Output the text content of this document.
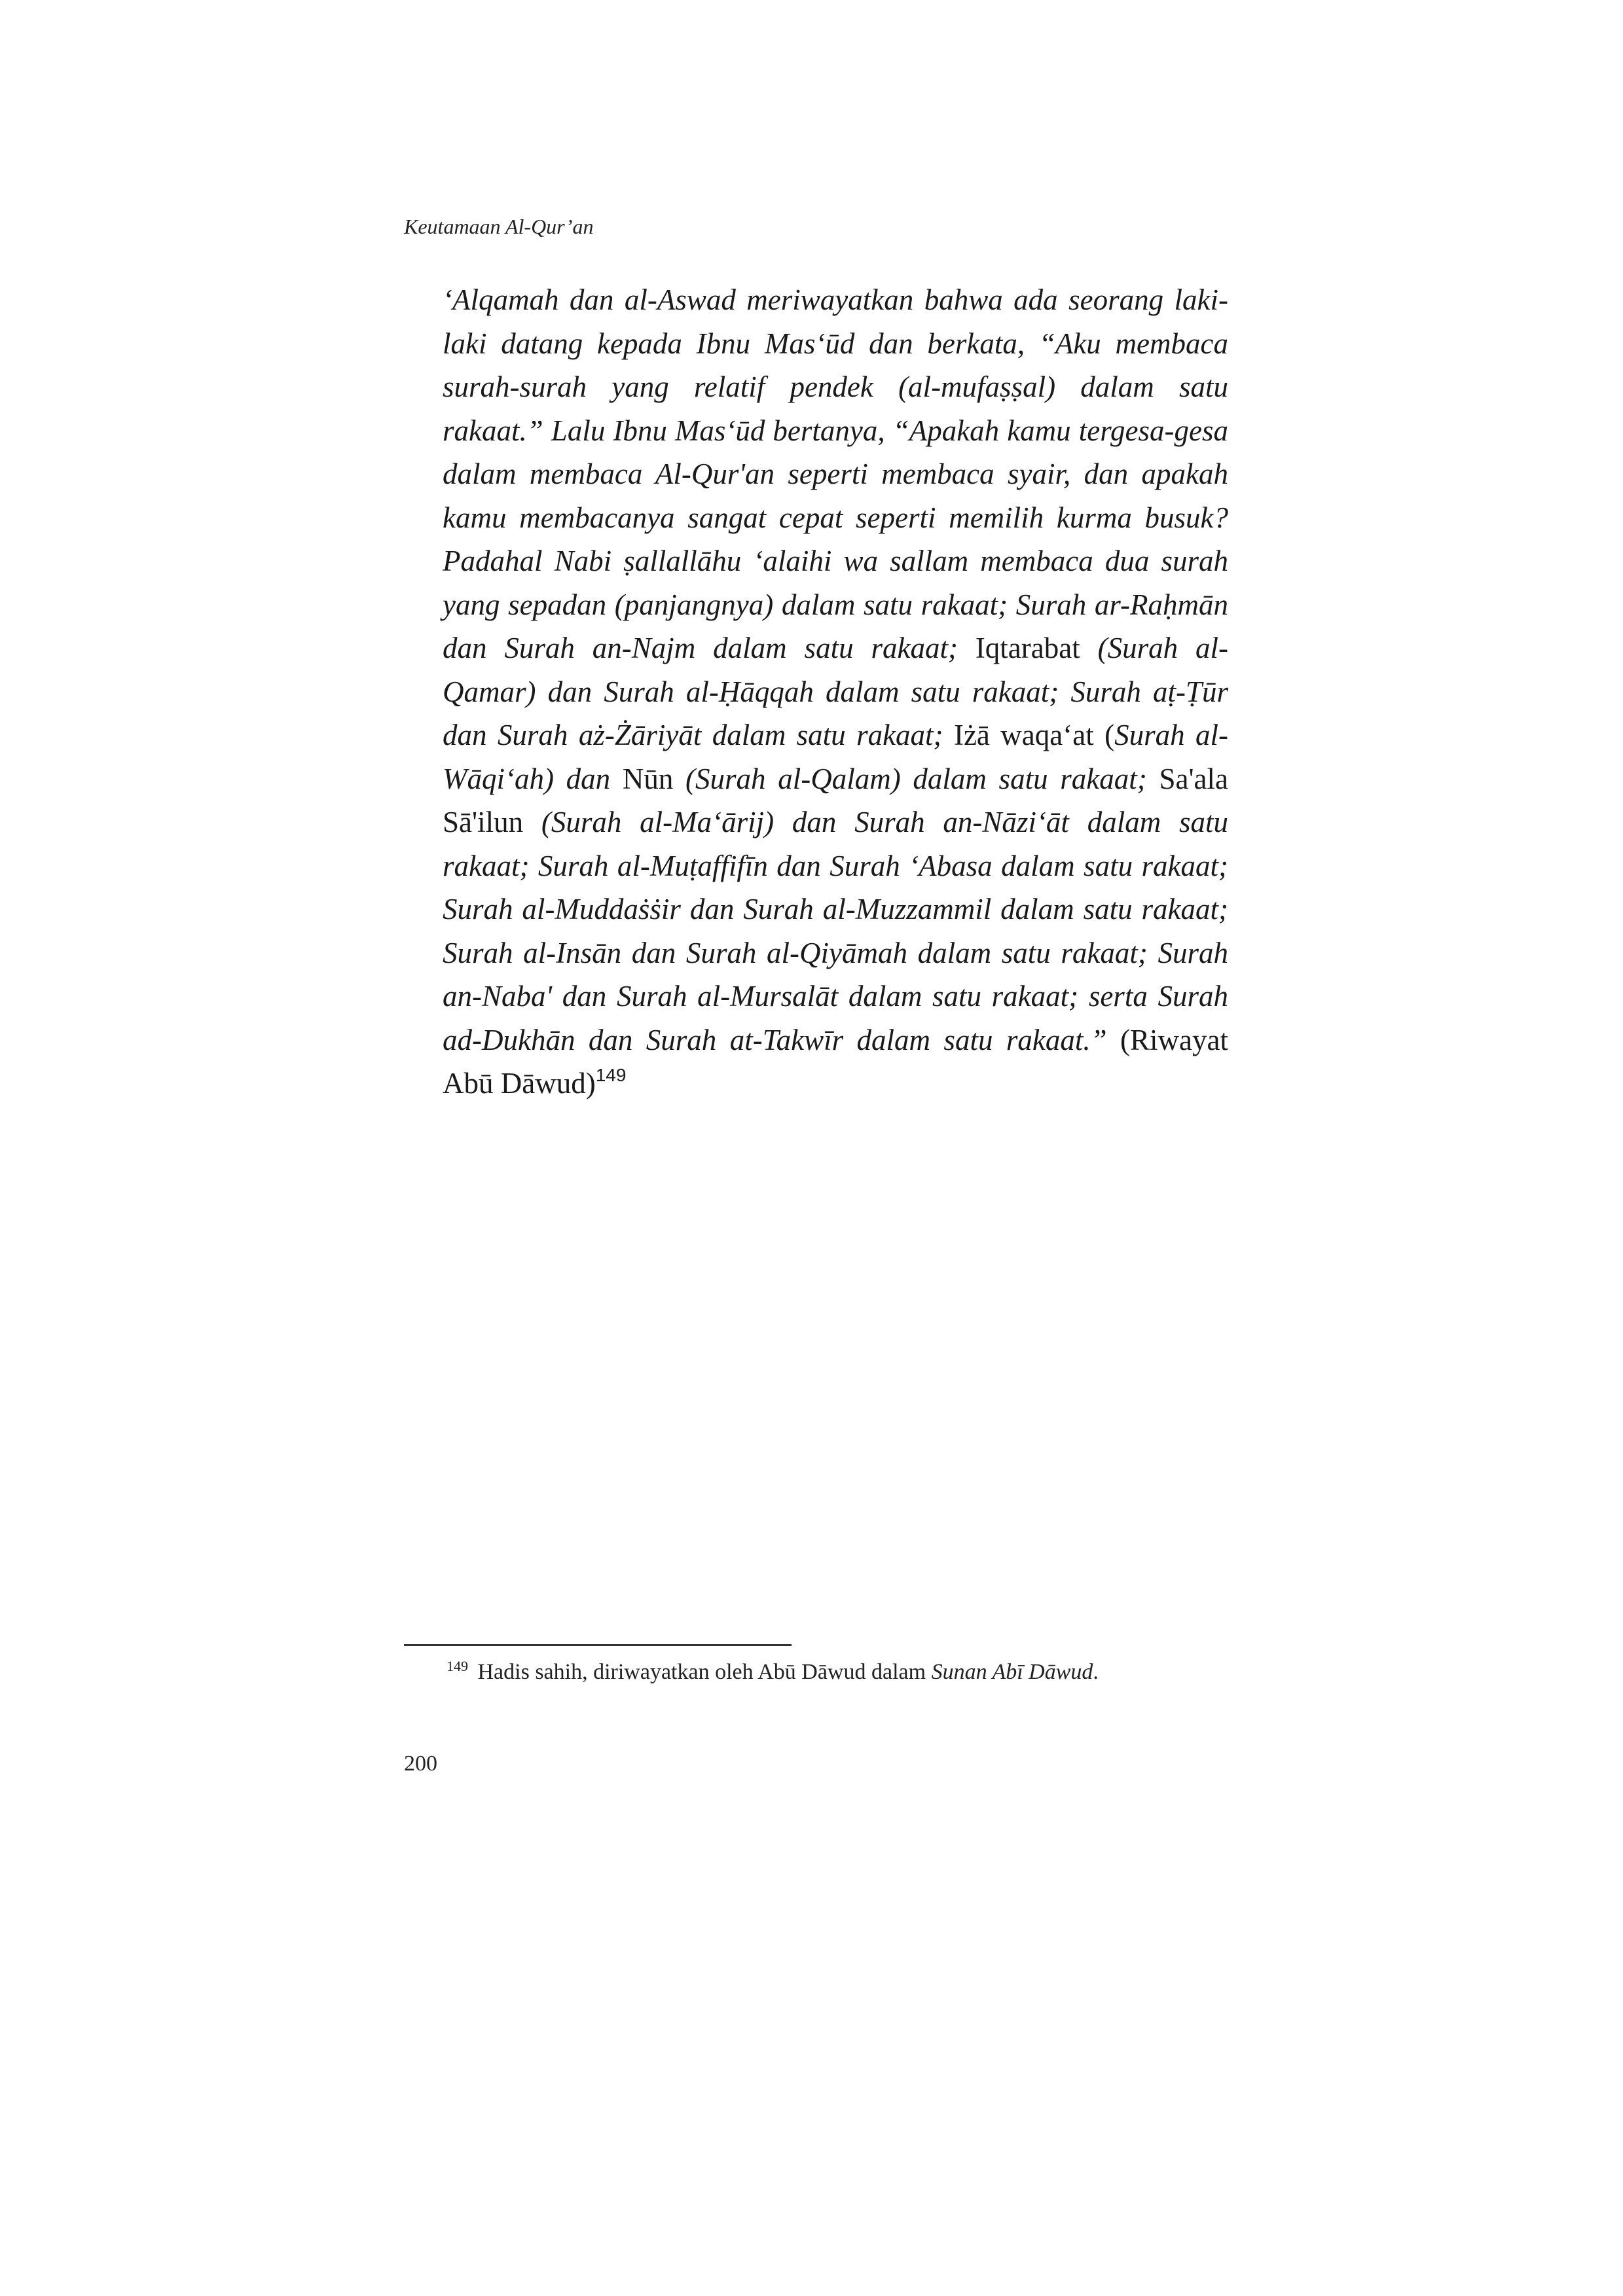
Keutamaan Al-Qur’an

‘Alqamah dan al-Aswad meriwayatkan bahwa ada seorang laki-laki datang kepada Ibnu Mas‘ūd dan berkata, “Aku membaca surah-surah yang relatif pendek (al-mufaṣṣal) dalam satu rakaat.” Lalu Ibnu Mas‘ūd bertanya, “Apakah kamu tergesa-gesa dalam membaca Al-Qur'an seperti membaca syair, dan apakah kamu membacanya sangat cepat seperti memilih kurma busuk? Padahal Nabi ṣallallāhu ‘alaihi wa sallam membaca dua surah yang sepadan (panjangnya) dalam satu rakaat; Surah ar-Raḥmān dan Surah an-Najm dalam satu rakaat; Iqtarabat (Surah al-Qamar) dan Surah al-Ḥāqqah dalam satu rakaat; Surah aṭ-Ṭūr dan Surah aż-Żāriyāt dalam satu rakaat; Iżā waqa‘at (Surah al-Wāqi‘ah) dan Nūn (Surah al-Qalam) dalam satu rakaat; Sa'ala Sā'ilun (Surah al-Ma‘ārij) dan Surah an-Nāzi‘āt dalam satu rakaat; Surah al-Muṭaffifīn dan Surah ‘Abasa dalam satu rakaat; Surah al-Muddaṡṡir dan Surah al-Muzzammil dalam satu rakaat; Surah al-Insān dan Surah al-Qiyāmah dalam satu rakaat; Surah an-Naba' dan Surah al-Mursalāt dalam satu rakaat; serta Surah ad-Dukhān dan Surah at-Takwīr dalam satu rakaat.” (Riwayat Abū Dāwud)$^{149}$

$^{149}$ Hadis sahih, diriwayatkan oleh Abū Dāwud dalam Sunan Abī Dāwud.
200
